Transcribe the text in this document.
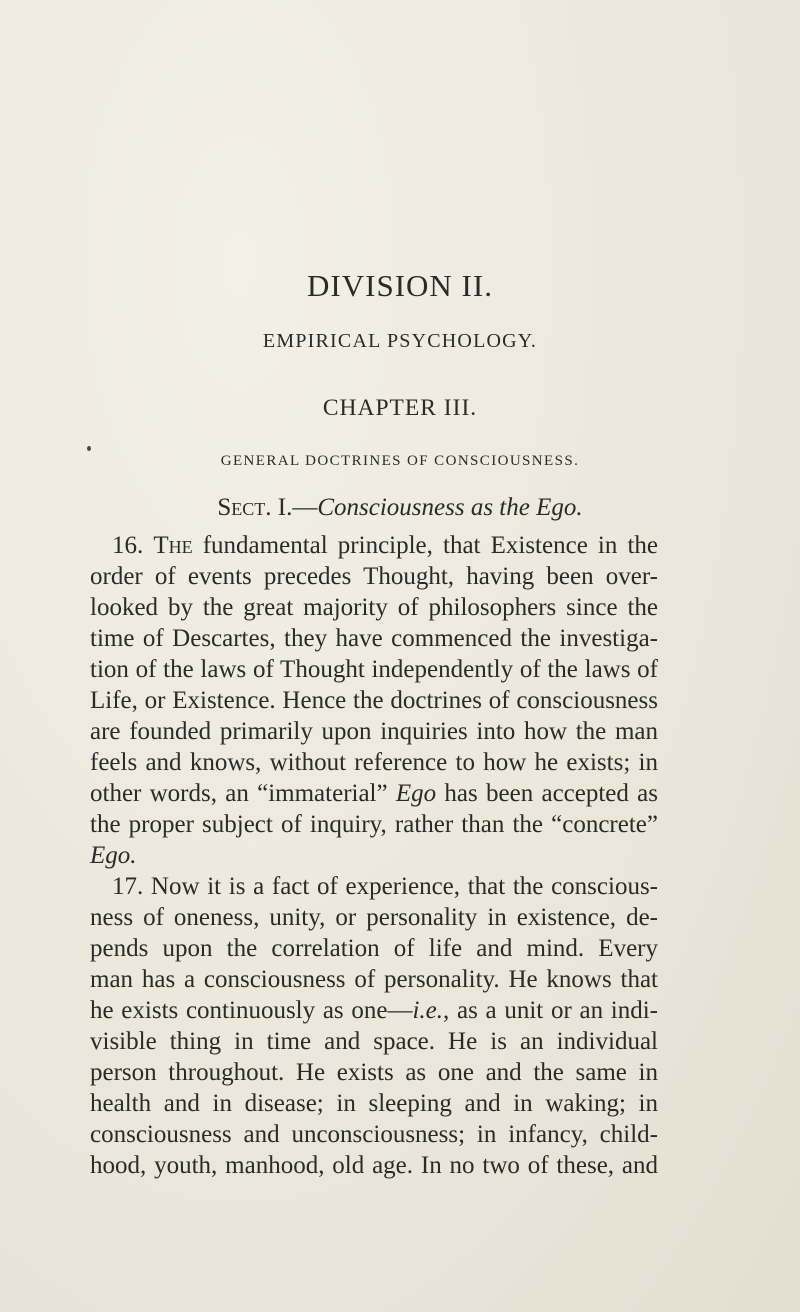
DIVISION II.
EMPIRICAL PSYCHOLOGY.
CHAPTER III.
GENERAL DOCTRINES OF CONSCIOUSNESS.
Sect. I.—Consciousness as the Ego.
16. The fundamental principle, that Existence in the
order of events precedes Thought, having been over-
looked by the great majority of philosophers since the
time of Descartes, they have commenced the investiga-
tion of the laws of Thought independently of the laws of
Life, or Existence. Hence the doctrines of consciousness
are founded primarily upon inquiries into how the man
feels and knows, without reference to how he exists; in
other words, an “immaterial” Ego has been accepted as
the proper subject of inquiry, rather than the “concrete”
Ego.
17. Now it is a fact of experience, that the conscious-
ness of oneness, unity, or personality in existence, de-
pends upon the correlation of life and mind. Every
man has a consciousness of personality. He knows that
he exists continuously as one—i.e., as a unit or an indi-
visible thing in time and space. He is an individual
person throughout. He exists as one and the same in
health and in disease; in sleeping and in waking; in
consciousness and unconsciousness; in infancy, child-
hood, youth, manhood, old age. In no two of these, and
